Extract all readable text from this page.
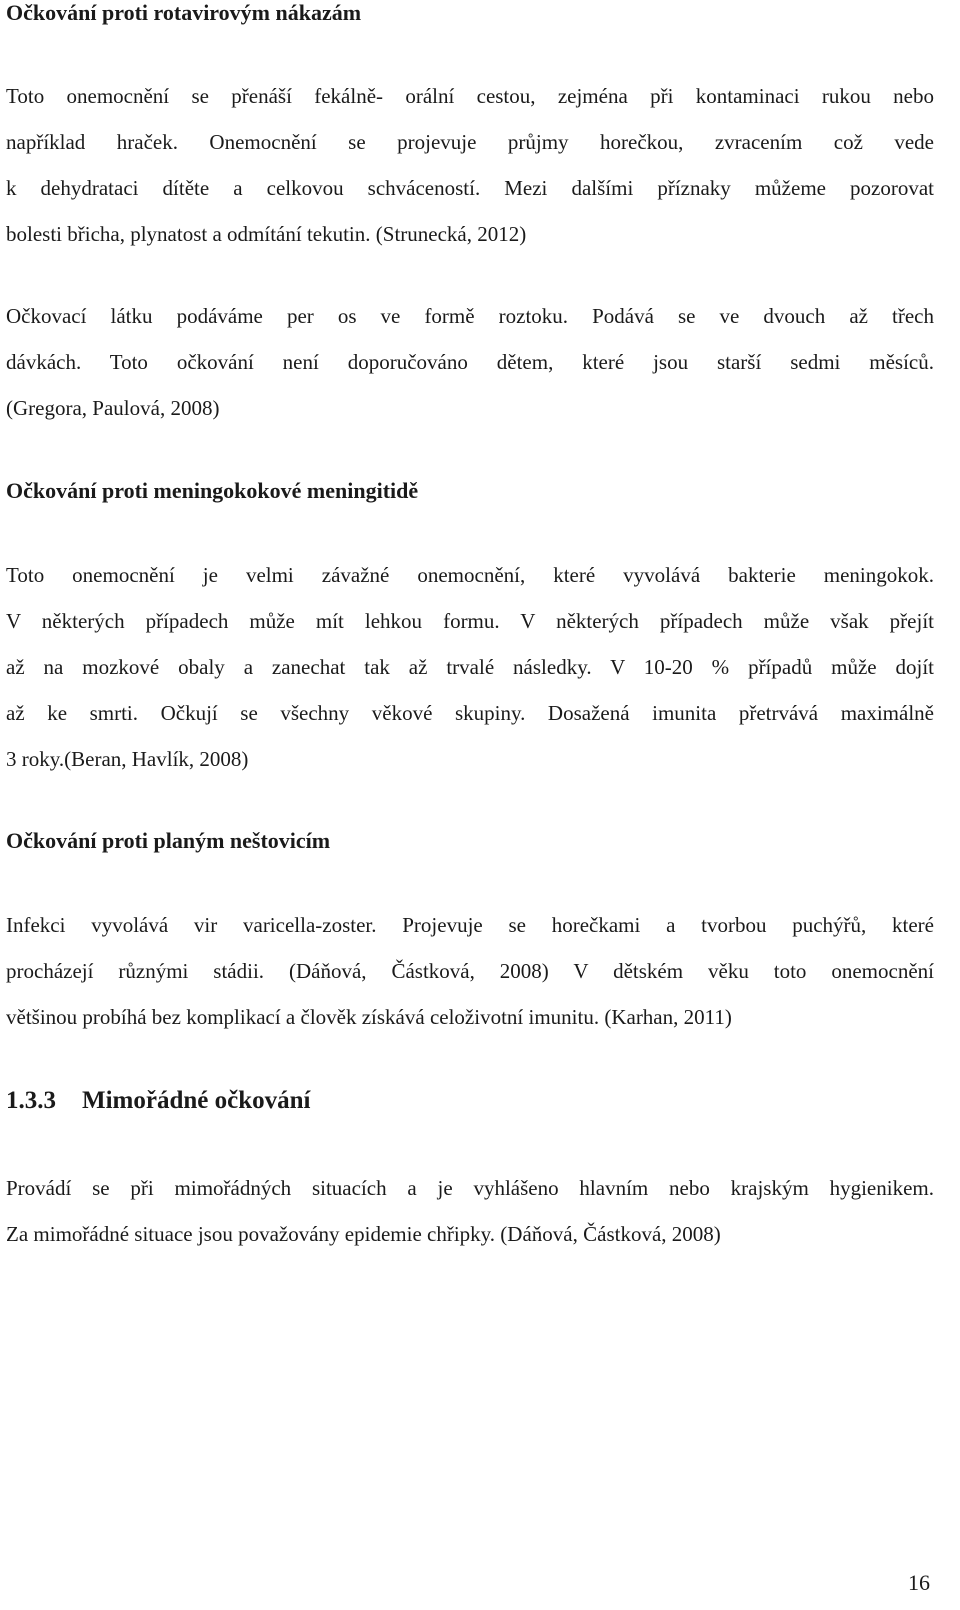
Očkování proti rotavirovým nákazám
Toto onemocnění se přenáší fekálně- orální cestou, zejména při kontaminaci rukou nebo
například hraček. Onemocnění se projevuje průjmy horečkou, zvracením což vede
k dehydrataci dítěte a celkovou schváceností. Mezi dalšími příznaky můžeme pozorovat
bolesti břicha, plynatost a odmítání tekutin. (Strunecká, 2012)
Očkovací látku podáváme per os ve formě roztoku. Podává se ve dvouch až třech
dávkách. Toto očkování není doporučováno dětem, které jsou starší sedmi měsíců.
(Gregora, Paulová, 2008)
Očkování proti meningokokové meningitidě
Toto onemocnění je velmi závažné onemocnění, které vyvolává bakterie meningokok.
V některých případech může mít lehkou formu. V některých případech může však přejít
až na mozkové obaly a zanechat tak až trvalé následky. V 10-20 % případů může dojít
až ke smrti. Očkují se všechny věkové skupiny. Dosažená imunita přetrvává maximálně
3 roky.(Beran, Havlík, 2008)
Očkování proti planým neštovicím
Infekci vyvolává vir varicella-zoster. Projevuje se horečkami a tvorbou puchýřů, které
procházejí různými stádii. (Dáňová, Částková, 2008) V dětském věku toto onemocnění
většinou probíhá bez komplikací a člověk získává celoživotní imunitu. (Karhan, 2011)
1.3.3 Mimořádné očkování
Provádí se při mimořádných situacích a je vyhlášeno hlavním nebo krajským hygienikem.
Za mimořádné situace jsou považovány epidemie chřipky. (Dáňová, Částková, 2008)
16
